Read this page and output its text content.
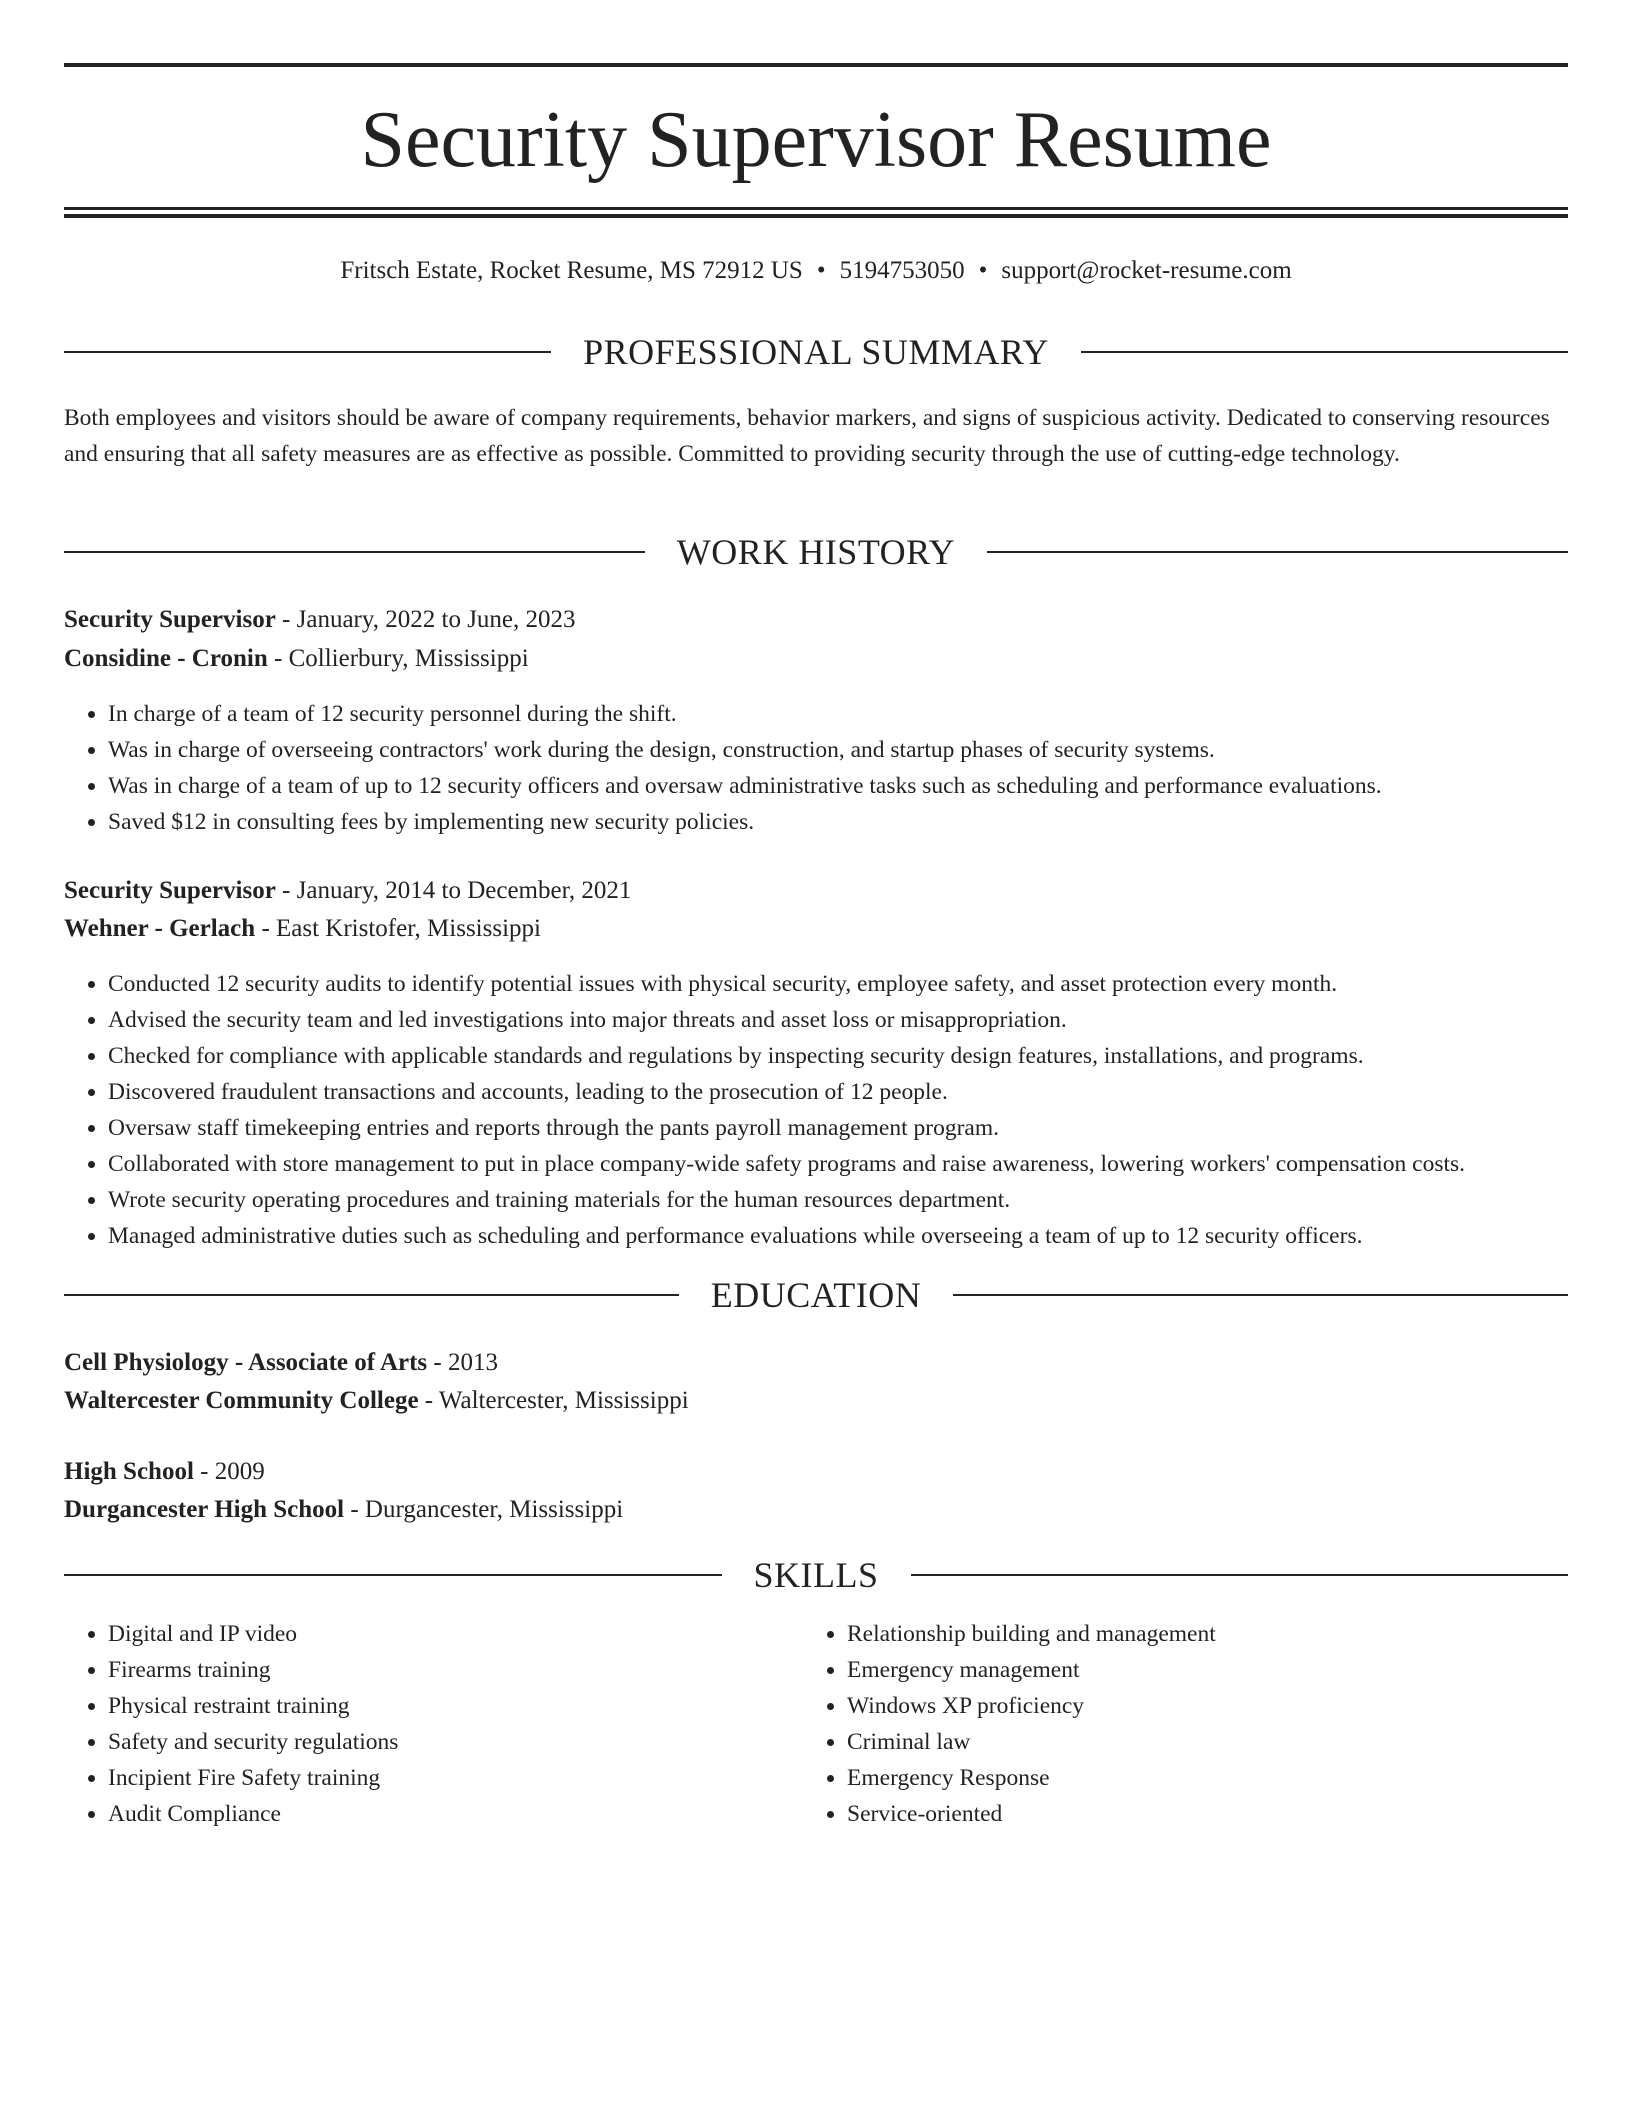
Security Supervisor Resume
Fritsch Estate, Rocket Resume, MS 72912 US • 5194753050 • support@rocket-resume.com
PROFESSIONAL SUMMARY

Both employees and visitors should be aware of company requirements, behavior markers, and signs of suspicious activity. Dedicated to conserving resources and ensuring that all safety measures are as effective as possible. Committed to providing security through the use of cutting-edge technology.

WORK HISTORY
Security Supervisor - January, 2022 to June, 2023
Considine - Cronin - Collierbury, Mississippi
• In charge of a team of 12 security personnel during the shift.
• Was in charge of overseeing contractors' work during the design, construction, and startup phases of security systems.
• Was in charge of a team of up to 12 security officers and oversaw administrative tasks such as scheduling and performance evaluations.
• Saved $12 in consulting fees by implementing new security policies.
Security Supervisor - January, 2014 to December, 2021
Wehner - Gerlach - East Kristofer, Mississippi
• Conducted 12 security audits to identify potential issues with physical security, employee safety, and asset protection every month.
• Advised the security team and led investigations into major threats and asset loss or misappropriation.
• Checked for compliance with applicable standards and regulations by inspecting security design features, installations, and programs.
• Discovered fraudulent transactions and accounts, leading to the prosecution of 12 people.
• Oversaw staff timekeeping entries and reports through the pants payroll management program.
• Collaborated with store management to put in place company-wide safety programs and raise awareness, lowering workers' compensation costs.
• Wrote security operating procedures and training materials for the human resources department.
• Managed administrative duties such as scheduling and performance evaluations while overseeing a team of up to 12 security officers.
EDUCATION
Cell Physiology - Associate of Arts - 2013
Waltercester Community College - Waltercester, Mississippi
High School - 2009
Durgancester High School - Durgancester, Mississippi
SKILLS
• Digital and IP video
• Firearms training
• Physical restraint training
• Safety and security regulations
• Incipient Fire Safety training
• Audit Compliance
• Relationship building and management
• Emergency management
• Windows XP proficiency
• Criminal law
• Emergency Response
• Service-oriented
